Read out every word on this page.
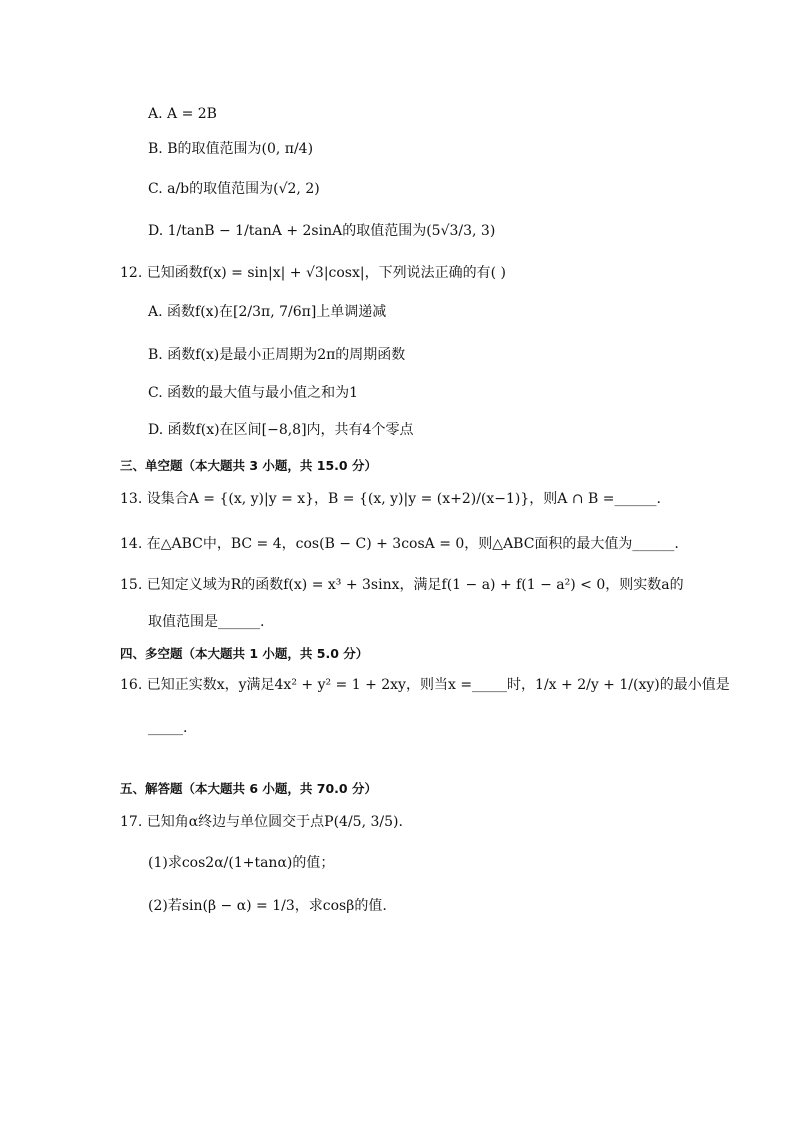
A. A = 2B
B. B的取值范围为(0, π/4)
C. a/b的取值范围为(√2, 2)
D. 1/tanB − 1/tanA + 2sinA的取值范围为(5√3/3, 3)
12. 已知函数f(x) = sin|x| + √3|cosx|，下列说法正确的有( )
A. 函数f(x)在[2/3π, 7/6π]上单调递减
B. 函数f(x)是最小正周期为2π的周期函数
C. 函数的最大值与最小值之和为1
D. 函数f(x)在区间[−8,8]内，共有4个零点
三、单空题（本大题共 3 小题，共 15.0 分）
13. 设集合A = {(x, y)|y = x}，B = {(x, y)|y = (x+2)/(x−1)}，则A ∩ B =______.
14. 在△ABC中，BC = 4，cos(B − C) + 3cosA = 0，则△ABC面积的最大值为______.
15. 已知定义域为R的函数f(x) = x³ + 3sinx，满足f(1 − a) + f(1 − a²) < 0，则实数a的
取值范围是______.
四、多空题（本大题共 1 小题，共 5.0 分）
16. 已知正实数x，y满足4x² + y² = 1 + 2xy，则当x =_____时，1/x + 2/y + 1/(xy)的最小值是
_____.
五、解答题（本大题共 6 小题，共 70.0 分）
17. 已知角α终边与单位圆交于点P(4/5, 3/5).
(1)求cos2α/(1+tanα)的值；
(2)若sin(β − α) = 1/3，求cosβ的值.
